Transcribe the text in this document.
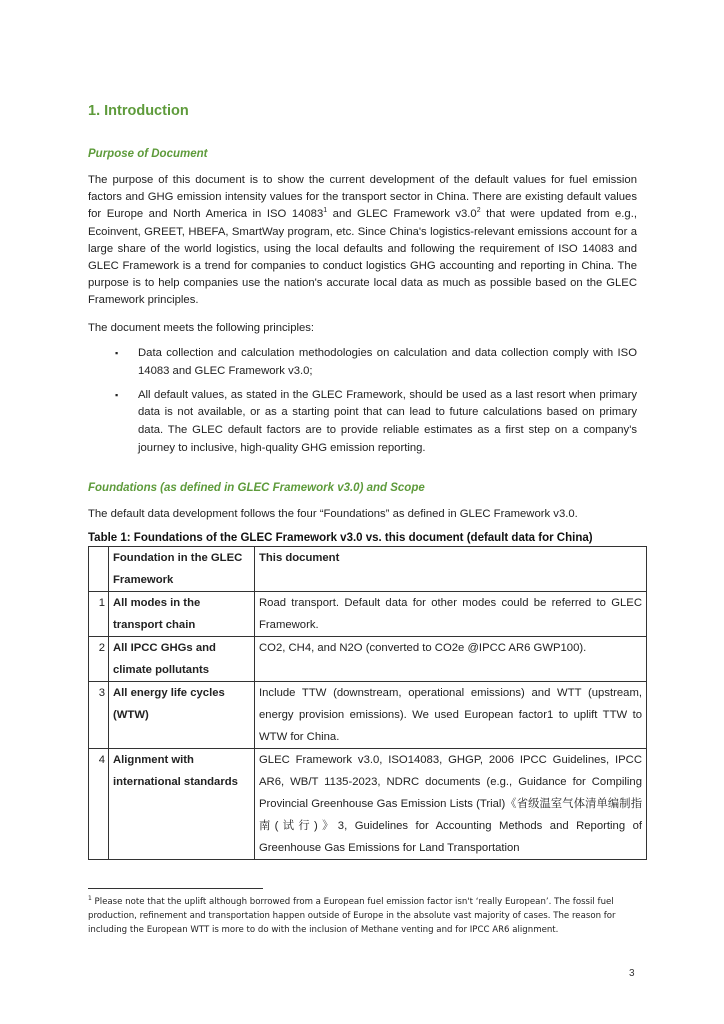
1. Introduction
Purpose of Document
The purpose of this document is to show the current development of the default values for fuel emission factors and GHG emission intensity values for the transport sector in China. There are existing default values for Europe and North America in ISO 14083$^1$ and GLEC Framework $v3.0^2$ that were updated from e.g., Ecoinvent, GREET, HBEFA, SmartWay program, etc. Since China's logistics-relevant emissions account for a large share of the world logistics, using the local defaults and following the requirement of ISO 14083 and GLEC Framework is a trend for companies to conduct logistics GHG accounting and reporting in China. The purpose is to help companies use the nation's accurate local data as much as possible based on the GLEC Framework principles.
The document meets the following principles:
▪ Data collection and calculation methodologies on calculation and data collection comply with ISO 14083 and GLEC Framework v3.0;
▪ All default values, as stated in the GLEC Framework, should be used as a last resort when primary data is not available, or as a starting point that can lead to future calculations based on primary data. The GLEC default factors are to provide reliable estimates as a first step on a company's journey to inclusive, high-quality GHG emission reporting.
Foundations (as defined in GLEC Framework v3.0) and Scope
The default data development follows the four “Foundations” as defined in GLEC Framework v3.0.
Table 1: Foundations of the GLEC Framework v3.0 vs. this document (default data for China)
	Foundation in the GLEC Framework	This document
1	All modes in the transport chain	Road transport. Default data for other modes could be referred to GLEC Framework.
2	All IPCC GHGs and climate pollutants	CO2, CH4, and N2O (converted to CO2e @IPCC AR6 GWP100).
3	All energy life cycles (WTW)	Include TTW (downstream, operational emissions) and WTT (upstream, energy provision emissions). We used European factor1 to uplift TTW to WTW for China.
4	Alignment with international standards	GLEC Framework v3.0, ISO14083, GHGP, 2006 IPCC Guidelines, IPCC AR6, WB/T 1135-2023, NDRC documents (e.g., Guidance for Compiling Provincial Greenhouse Gas Emission Lists (Trial)《省级温室气体清单编制指南(试行)》3, Guidelines for Accounting Methods and Reporting of Greenhouse Gas Emissions for Land Transportation
$^1$ Please note that the uplift although borrowed from a European fuel emission factor isn't ‘really European’. The fossil fuel production, refinement and transportation happen outside of Europe in the absolute vast majority of cases. The reason for including the European WTT is more to do with the inclusion of Methane venting and for IPCC AR6 alignment.
3
